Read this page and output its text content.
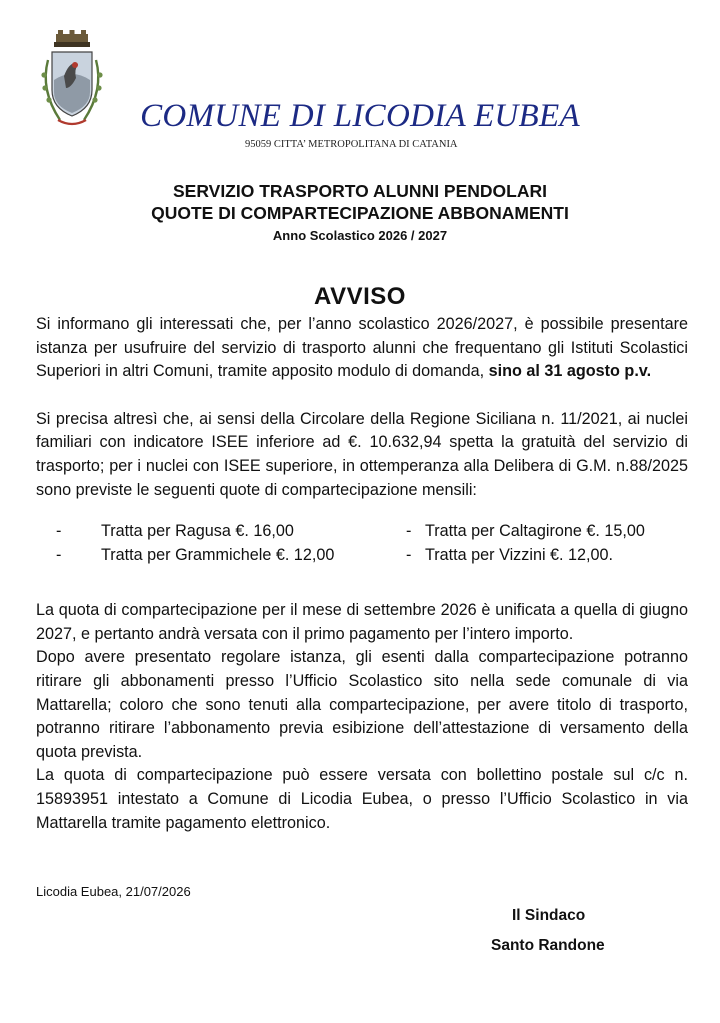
COMUNE DI LICODIA EUBEA
95059 CITTA’ METROPOLITANA DI CATANIA
SERVIZIO TRASPORTO ALUNNI PENDOLARI
QUOTE DI COMPARTECIPAZIONE ABBONAMENTI
Anno Scolastico 2026 / 2027
AVVISO

Si informano gli interessati che, per l’anno scolastico 2026/2027, è possibile presentare istanza per usufruire del servizio di trasporto alunni che frequentano gli Istituti Scolastici Superiori in altri Comuni, tramite apposito modulo di domanda, sino al 31 agosto p.v.

Si precisa altresì che, ai sensi della Circolare della Regione Siciliana n. 11/2021, ai nuclei familiari con indicatore ISEE inferiore ad €. 10.632,94 spetta la gratuità del servizio di trasporto; per i nuclei con ISEE superiore, in ottemperanza alla Delibera di G.M. n.88/2025 sono previste le seguenti quote di compartecipazione mensili:

- Tratta per Ragusa €. 16,00	- Tratta per Caltagirone €. 15,00
- Tratta per Grammichele €. 12,00	- Tratta per Vizzini €. 12,00.

La quota di compartecipazione per il mese di settembre 2026 è unificata a quella di giugno 2027, e pertanto andrà versata con il primo pagamento per l’intero importo.

Dopo avere presentato regolare istanza, gli esenti dalla compartecipazione potranno ritirare gli abbonamenti presso l’Ufficio Scolastico sito nella sede comunale di via Mattarella; coloro che sono tenuti alla compartecipazione, per avere titolo di trasporto, potranno ritirare l’abbonamento previa esibizione dell’attestazione di versamento della quota prevista.

La quota di compartecipazione può essere versata con bollettino postale sul c/c n. 15893951 intestato a Comune di Licodia Eubea, o presso l’Ufficio Scolastico in via Mattarella tramite pagamento elettronico.

Licodia Eubea, 21/07/2026
Il Sindaco
Santo Randone
